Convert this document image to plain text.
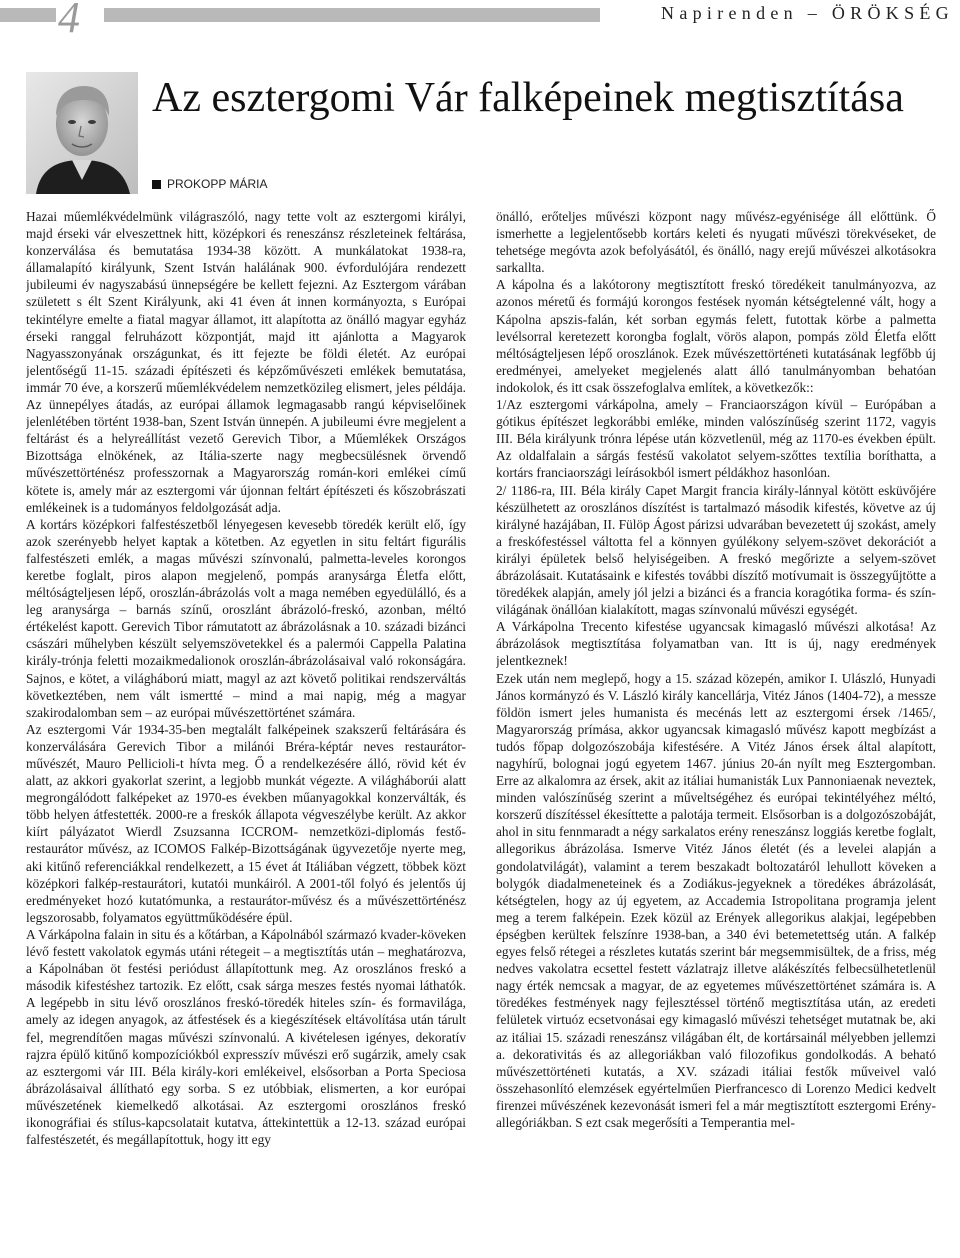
4	Napirenden – ÖRÖKSÉG
Az esztergomi Vár falképeinek megtisztítása
PROKOPP MÁRIA

Hazai műemlékvédelmünk világraszóló, nagy tette volt az esztergomi királyi, majd érseki vár elveszettnek hitt, középkori és reneszánsz részleteinek feltárása, konzerválása és bemutatása 1934-38 között. A munkálatokat 1938-ra, államalapító királyunk, Szent István halálának 900. évfordulójára rendezett jubileumi év nagyszabású ünnepségére be kellett fejezni. Az Esztergom várában született s élt Szent Királyunk, aki 41 éven át innen kormányozta, s Európai tekintélyre emelte a fiatal magyar államot, itt alapította az önálló magyar egyház érseki ranggal felruházott központját, majd itt ajánlotta a Magyarok Nagyasszonyának országunkat, és itt fejezte be földi életét. Az európai jelentőségű 11-15. századi építészeti és képzőművészeti emlékek bemutatása, immár 70 éve, a korszerű műemlékvédelem nemzetközileg elismert, jeles példája. Az ünnepélyes átadás, az európai államok legmagasabb rangú képviselőinek jelenlétében történt 1938-ban, Szent István ünnepén. A jubileumi évre megjelent a feltárást és a helyreállítást vezető Gerevich Tibor, a Műemlékek Országos Bizottsága elnökének, az Itália-szerte nagy megbecsülésnek örvendő művészettörténész professzornak a Magyarország román-kori emlékei című kötete is, amely már az esztergomi vár újonnan feltárt építészeti és kőszobrászati emlékeinek is a tudományos feldolgozását adja.

A kortárs középkori falfestészetből lényegesen kevesebb töredék került elő, így azok szerényebb helyet kaptak a kötetben. Az egyetlen in situ feltárt figurális falfestészeti emlék, a magas művészi színvonalú, palmetta-leveles korongos keretbe foglalt, piros alapon megjelenő, pompás aranysárga Életfa előtt, méltóságteljesen lépő, oroszlán-ábrázolás volt a maga nemében egyedülálló, és a leg aranysárga – barnás színű, oroszlánt ábrázoló-freskó, azonban, méltó értékelést kapott. Gerevich Tibor rámutatott az ábrázolásnak a 10. századi bizánci császári műhelyben készült selyemszövetekkel és a palermói Cappella Palatina király-trónja feletti mozaikmedalionok oroszlán-ábrázolásaival való rokonságára. Sajnos, e kötet, a világháború miatt, magyl az azt követő politikai rendszerváltás következtében, nem vált ismertté – mind a mai napig, még a magyar szakirodalomban sem – az európai művészettörténet számára.

Az esztergomi Vár 1934-35-ben megtalált falképeinek szakszerű feltárására és konzerválására Gerevich Tibor a milánói Bréra-képtár neves restaurátor-művészét, Mauro Pellicioli-t hívta meg. Ő a rendelkezésére álló, rövid két év alatt, az akkori gyakorlat szerint, a legjobb munkát végezte. A világháborúi alatt megrongálódott falképeket az 1970-es években műanyagokkal konzerválták, és több helyen átfestették. 2000-re a freskók állapota végveszélybe került. Az akkor kiírt pályázatot Wierdl Zsuzsanna ICCROM- nemzetközi-diplomás festő-restaurátor művész, az ICOMOS Falkép-Bizottságának ügyvezetője nyerte meg, aki kitűnő referenciákkal rendelkezett, a 15 évet át Itáliában végzett, többek közt középkori falkép-restaurátori, kutatói munkáiról. A 2001-től folyó és jelentős új eredményeket hozó kutatómunka, a restaurátor-művész és a művészettörténész legszorosabb, folyamatos együttműködésére épül.

A Várkápolna falain in situ és a kőtárban, a Kápolnából származó kvader-köveken lévő festett vakolatok egymás utáni rétegeit – a megtisztítás után – meghatározva, a Kápolnában öt festési periódust állapítottunk meg. Az oroszlános freskó a második kifestéshez tartozik. Ez előtt, csak sárga meszes festés nyomai láthatók. A legépebb in situ lévő oroszlános freskó-töredék hiteles szín- és formavilága, amely az idegen anyagok, az átfestések és a kiegészítések eltávolítása után tárult fel, megrendítően magas művészi színvonalú. A kivételesen igényes, dekoratív rajzra épülő kitűnő kompozíciókból expresszív művészi erő sugárzik, amely csak az esztergomi vár III. Béla király-kori emlékeivel, elsősorban a Porta Speciosa ábrázolásaival állítható egy sorba. S ez utóbbiak, elismerten, a kor európai művészetének kiemelkedő alkotásai. Az esztergomi oroszlános freskó ikonográfiai és stílus-kapcsolatait kutatva, áttekintettük a 12-13. század európai falfestészetét, és megállapítottuk, hogy itt egy

önálló, erőteljes művészi központ nagy művész-egyénisége áll előttünk. Ő ismerhette a legjelentősebb kortárs keleti és nyugati művészi törekvéseket, de tehetsége megóvta azok befolyásától, és önálló, nagy erejű művészei alkotásokra sarkallta.

A kápolna és a lakótorony megtisztított freskó töredékeit tanulmányozva, az azonos méretű és formájú korongos festések nyomán kétségtelenné vált, hogy a Kápolna apszis-falán, két sorban egymás felett, futottak körbe a palmetta levélsorral keretezett korongba foglalt, vörös alapon, pompás zöld Életfa előtt méltóságteljesen lépő oroszlánok. Ezek művészettörténeti kutatásának legfőbb új eredményei, amelyeket megjelenés alatt álló tanulmányomban behatóan indokolok, és itt csak összefoglalva említek, a következők::

1/Az esztergomi várkápolna, amely – Franciaországon kívül – Európában a gótikus építészet legkorábbi emléke, minden valószínűség szerint 1172, vagyis III. Béla királyunk trónra lépése után közvetlenül, még az 1170-es években épült. Az oldalfalain a sárgás festésű vakolatot selyem-szőttes textília boríthatta, a kortárs franciaországi leírásokból ismert példákhoz hasonlóan.

2/ 1186-ra, III. Béla király Capet Margit francia király-lánnyal kötött esküvőjére készülhetett az oroszlános díszítést is tartalmazó második kifestés, követve az új királyné hazájában, II. Fülöp Ágost párizsi udvarában bevezetett új szokást, amely a freskófestéssel váltotta fel a könnyen gyúlékony selyem-szövet dekorációt a királyi épületek belső helyiségeiben. A freskó megőrizte a selyem-szövet ábrázolásait. Kutatásaink e kifestés további díszítő motívumait is összegyűjtötte a töredékek alapján, amely jól jelzi a bizánci és a francia koragótika forma- és szín-világának önállóan kialakított, magas színvonalú művészi egységét.

A Várkápolna Trecento kifestése ugyancsak kimagasló művészi alkotása! Az ábrázolások megtisztítása folyamatban van. Itt is új, nagy eredmények jelentkeznek!

Ezek után nem meglepő, hogy a 15. század közepén, amikor I. Ulászló, Hunyadi János kormányzó és V. László király kancellárja, Vitéz János (1404-72), a messze földön ismert jeles humanista és mecénás lett az esztergomi érsek /1465/, Magyarország prímása, akkor ugyancsak kimagasló művész kapott megbízást a tudós főpap dolgozószobája kifestésére. A Vitéz János érsek által alapított, nagyhírű, bolognai jogú egyetem 1467. június 20-án nyílt meg Esztergomban. Erre az alkalomra az érsek, akit az itáliai humanisták Lux Pannoniaenak neveztek, minden valószínűség szerint a műveltségéhez és európai tekintélyéhez méltó, korszerű díszítéssel ékesíttette a palotája termeit. Elsősorban is a dolgozószobáját, ahol in situ fennmaradt a négy sarkalatos erény reneszánsz loggiás keretbe foglalt, allegorikus ábrázolása. Ismerve Vitéz János életét (és a levelei alapján a gondolatvilágát), valamint a terem beszakadt boltozatáról lehullott köveken a bolygók diadalmeneteinek és a Zodiákus-jegyeknek a töredékes ábrázolását, kétségtelen, hogy az új egyetem, az Accademia Istropolitana programja jelent meg a terem falképein. Ezek közül az Erények allegorikus alakjai, legépebben épségben kerültek felszínre 1938-ban, a 340 évi betemetettség után. A falkép egyes felső rétegei a részletes kutatás szerint bár megsemmisültek, de a friss, még nedves vakolatra ecsettel festett vázlatrajz illetve alákészítés felbecsülhetetlenül nagy érték nemcsak a magyar, de az egyetemes művészettörténet számára is. A töredékes festmények nagy fejlesztéssel történő megtisztítása után, az eredeti felületek virtuóz ecsetvonásai egy kimagasló művészi tehetséget mutatnak be, aki az itáliai 15. századi reneszánsz világában élt, de kortársainál mélyebben jellemzi a. dekorativitás és az allegoriákban való filozofikus gondolkodás. A beható művészettörténeti kutatás, a XV. századi itáliai festők műveivel való összehasonlító elemzések egyértelműen Pierfrancesco di Lorenzo Medici kedvelt firenzei művészének kezevonását ismeri fel a már megtisztított esztergomi Erény-allegóriákban. S ezt csak megerősíti a Temperantia mel-
